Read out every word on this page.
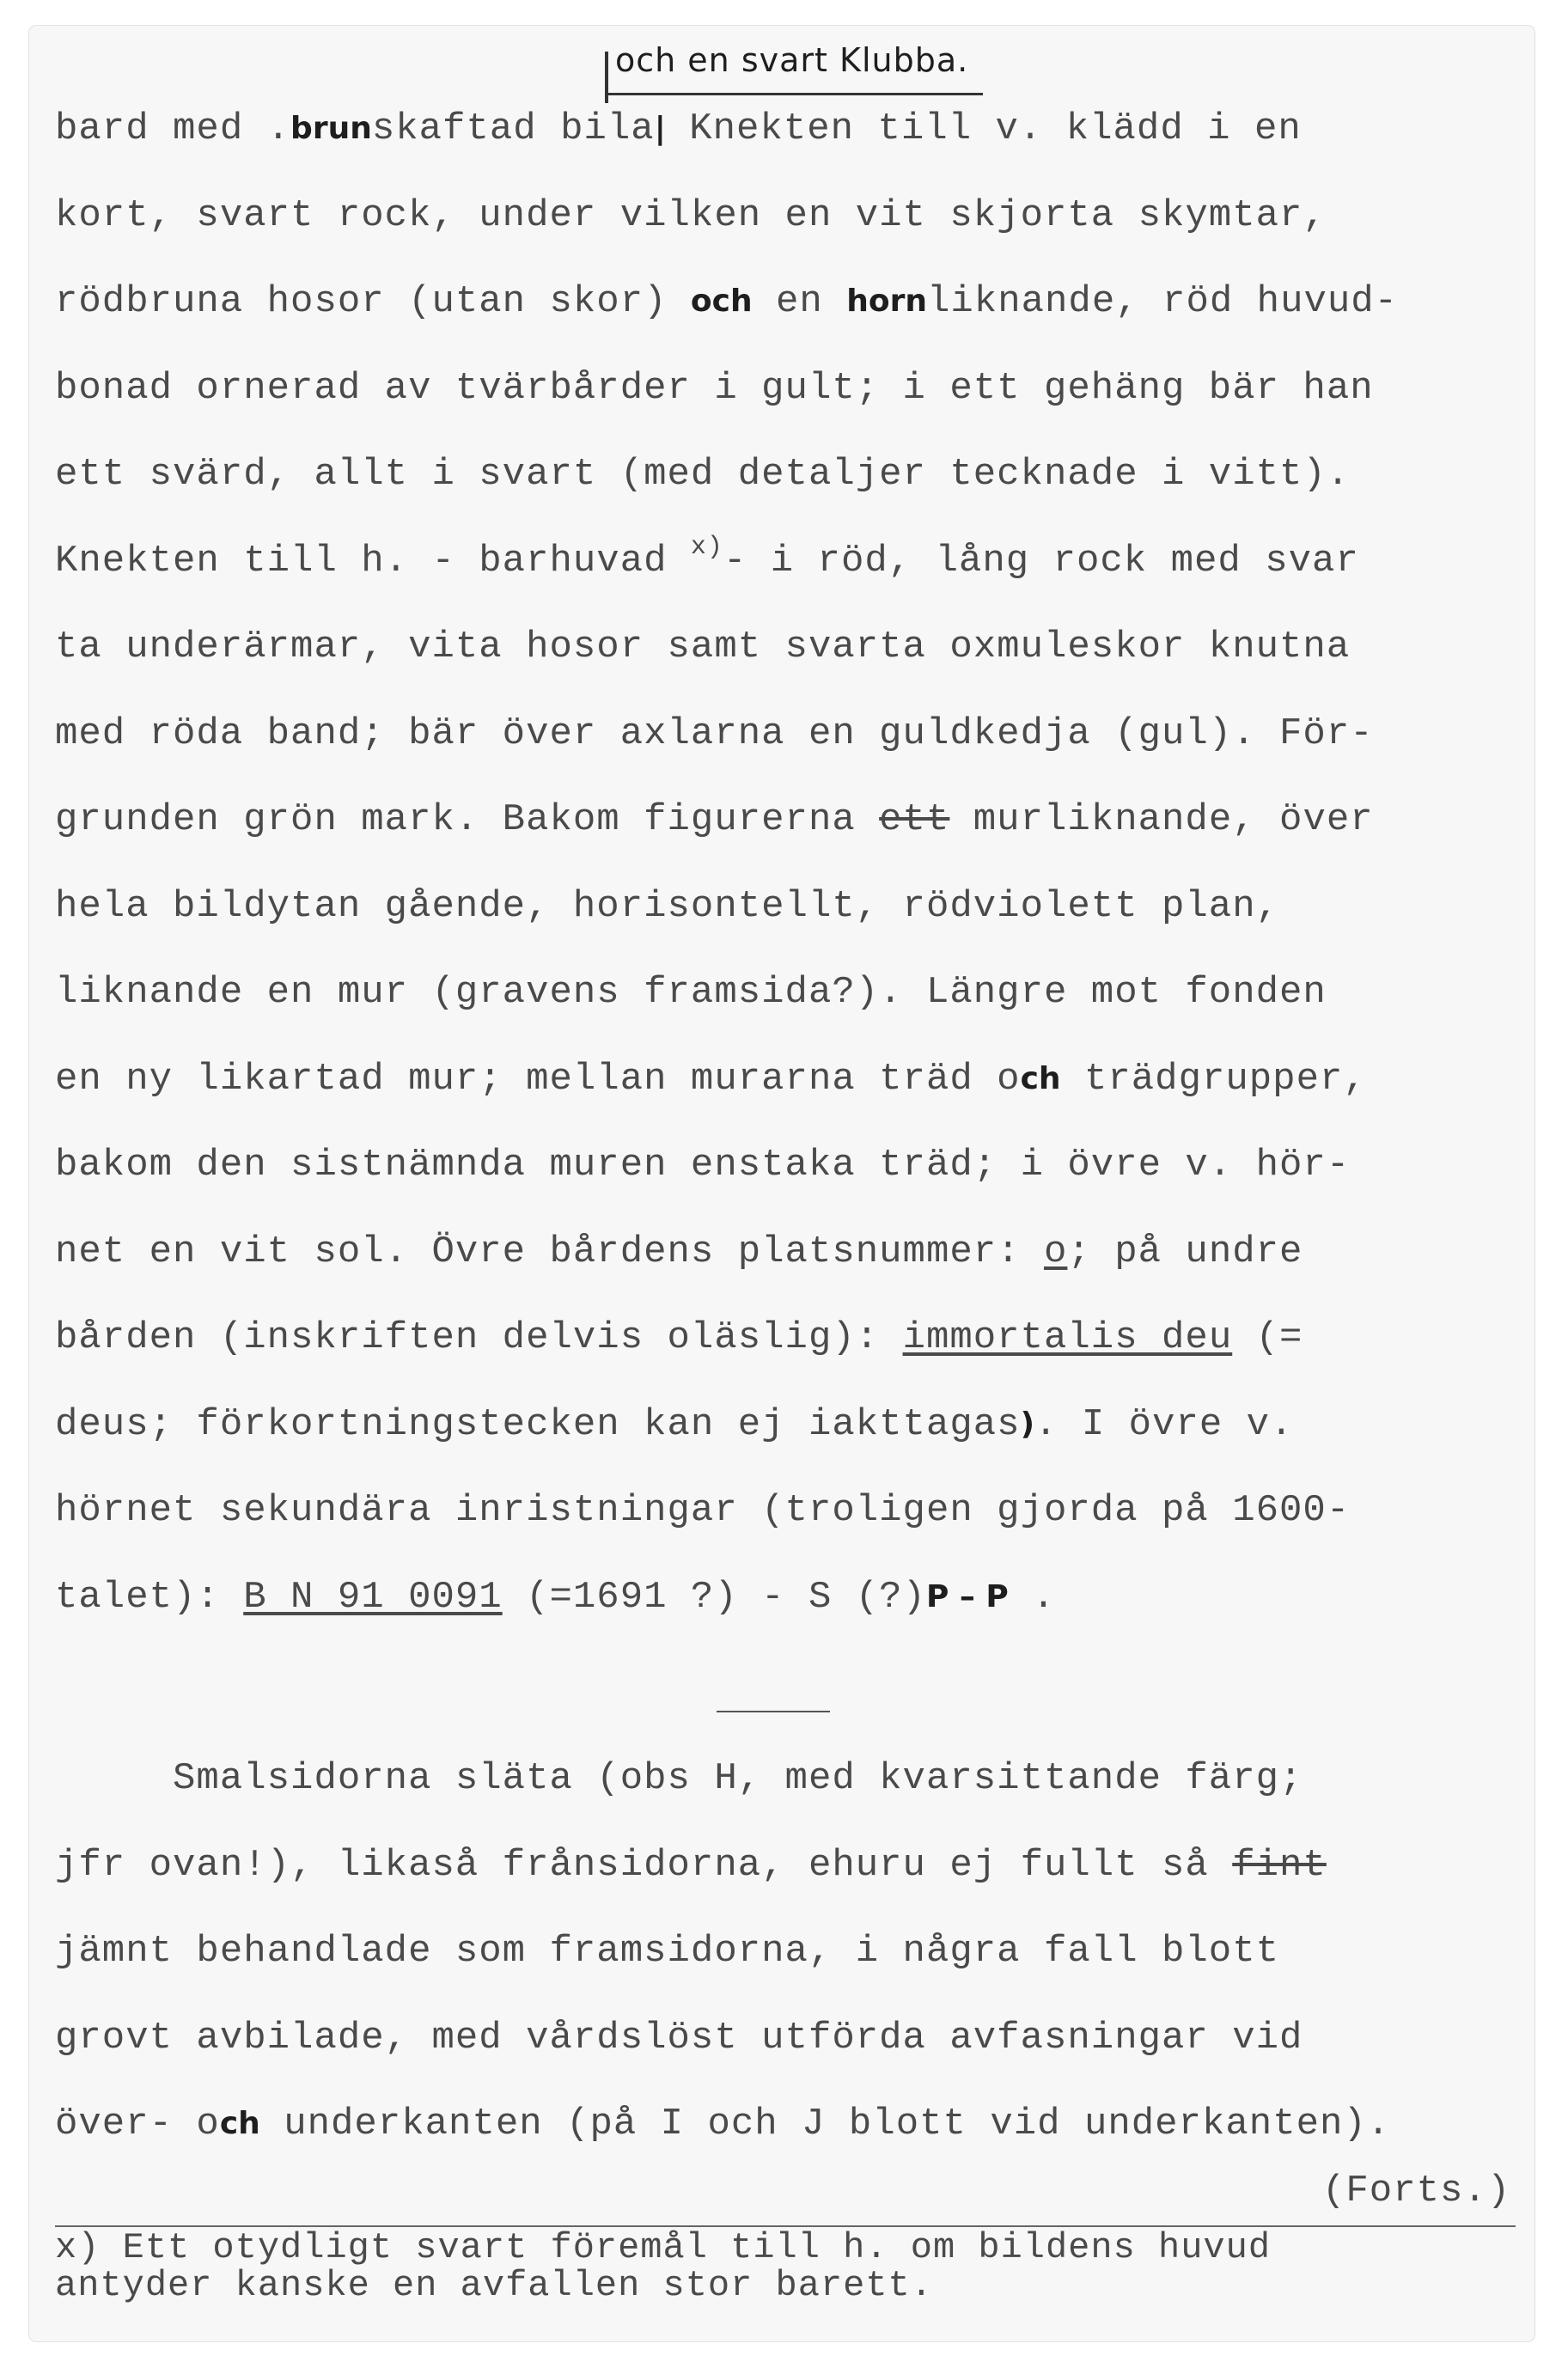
och en svart Klubba.
bard med .brunskaftad bila| Knekten till v. klädd i en
kort, svart rock, under vilken en vit skjorta skymtar,
rödbruna hosor (utan skor) och en hornliknande, röd huvud-
bonad ornerad av tvärbårder i gult; i ett gehäng bär han
ett svärd, allt i svart (med detaljer tecknade i vitt).
Knekten till h. - barhuvad $^{x)}$- i röd, lång rock med svar
ta underärmar, vita hosor samt svarta oxmuleskor knutna
med röda band; bär över axlarna en guldkedja (gul). För-
grunden grön mark. Bakom figurerna ett murliknande, över
hela bildytan gående, horisontellt, rödviolett plan,
liknande en mur (gravens framsida?). Längre mot fonden
en ny likartad mur; mellan murarna träd och trädgrupper,
bakom den sistnämnda muren enstaka träd; i övre v. hör-
net en vit sol. Övre bårdens platsnummer: o; på undre
bården (inskriften delvis oläslig): immortalis deu (=
deus; förkortningstecken kan ej iakttagas). I övre v.
hörnet sekundära inristningar (troligen gjorda på 1600-
talet): B N 91 0091 (=1691 ?) - S (?)P – P .
Smalsidorna släta (obs H, med kvarsittande färg;
jfr ovan!), likaså frånsidorna, ehuru ej fullt så fint
jämnt behandlade som framsidorna, i några fall blott
grovt avbilade, med vårdslöst utförda avfasningar vid
över- och underkanten (på I och J blott vid underkanten).
(Forts.)
x) Ett otydligt svart föremål till h. om bildens huvud
antyder kanske en avfallen stor barett.
